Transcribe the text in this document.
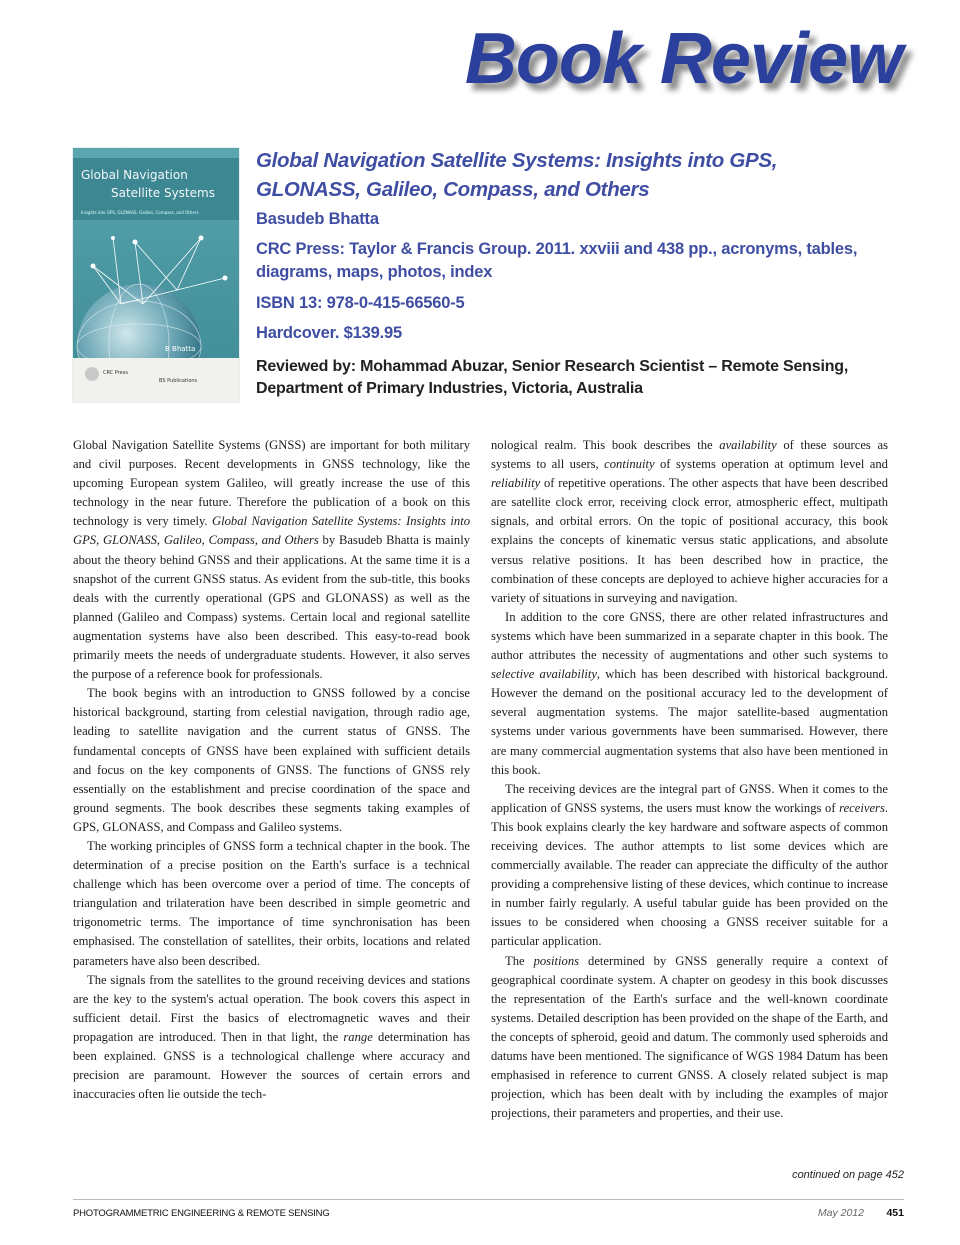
Book Review

Global Navigation
Satellite Systems

Insights into GPS, GLONASS, Galileo, Compass, and Others

B Bhatta

CRC Press

BS Publications

Global Navigation Satellite Systems: Insights into GPS, GLONASS, Galileo, Compass, and Others

Basudeb Bhatta

CRC Press: Taylor & Francis Group. 2011. xxviii and 438 pp., acronyms, tables, diagrams, maps, photos, index

ISBN 13: 978-0-415-66560-5

Hardcover. $139.95

Reviewed by: Mohammad Abuzar, Senior Research Scientist – Remote Sensing, Department of Primary Industries, Victoria, Australia

Global Navigation Satellite Systems (GNSS) are important for both military and civil purposes. Recent developments in GNSS technology, like the upcoming European system Galileo, will greatly increase the use of this technology in the near future. Therefore the publication of a book on this technology is very timely. Global Navigation Satellite Systems: Insights into GPS, GLONASS, Galileo, Compass, and Others by Basudeb Bhatta is mainly about the theory behind GNSS and their applications. At the same time it is a snapshot of the current GNSS status. As evident from the sub-title, this books deals with the currently operational (GPS and GLONASS) as well as the planned (Galileo and Compass) systems. Certain local and regional satellite augmentation systems have also been described. This easy-to-read book primarily meets the needs of undergraduate students. However, it also serves the purpose of a reference book for professionals.

The book begins with an introduction to GNSS followed by a concise historical background, starting from celestial navigation, through radio age, leading to satellite navigation and the current status of GNSS. The fundamental concepts of GNSS have been explained with sufficient details and focus on the key components of GNSS. The functions of GNSS rely essentially on the establishment and precise coordination of the space and ground segments. The book describes these segments taking examples of GPS, GLONASS, and Compass and Galileo systems.

The working principles of GNSS form a technical chapter in the book. The determination of a precise position on the Earth's surface is a technical challenge which has been overcome over a period of time. The concepts of triangulation and trilateration have been described in simple geometric and trigonometric terms. The importance of time synchronisation has been emphasised. The constellation of satellites, their orbits, locations and related parameters have also been described.

The signals from the satellites to the ground receiving devices and stations are the key to the system's actual operation. The book covers this aspect in sufficient detail. First the basics of electromagnetic waves and their propagation are introduced. Then in that light, the range determination has been explained. GNSS is a technological challenge where accuracy and precision are paramount. However the sources of certain errors and inaccuracies often lie outside the tech-

nological realm. This book describes the availability of these sources as systems to all users, continuity of systems operation at optimum level and reliability of repetitive operations. The other aspects that have been described are satellite clock error, receiving clock error, atmospheric effect, multipath signals, and orbital errors. On the topic of positional accuracy, this book explains the concepts of kinematic versus static applications, and absolute versus relative positions. It has been described how in practice, the combination of these concepts are deployed to achieve higher accuracies for a variety of situations in surveying and navigation.

In addition to the core GNSS, there are other related infrastructures and systems which have been summarized in a separate chapter in this book. The author attributes the necessity of augmentations and other such systems to selective availability, which has been described with historical background. However the demand on the positional accuracy led to the development of several augmentation systems. The major satellite-based augmentation systems under various governments have been summarised. However, there are many commercial augmentation systems that also have been mentioned in this book.

The receiving devices are the integral part of GNSS. When it comes to the application of GNSS systems, the users must know the workings of receivers. This book explains clearly the key hardware and software aspects of common receiving devices. The author attempts to list some devices which are commercially available. The reader can appreciate the difficulty of the author providing a comprehensive listing of these devices, which continue to increase in number fairly regularly. A useful tabular guide has been provided on the issues to be considered when choosing a GNSS receiver suitable for a particular application.

The positions determined by GNSS generally require a context of geographical coordinate system. A chapter on geodesy in this book discusses the representation of the Earth's surface and the well-known coordinate systems. Detailed description has been provided on the shape of the Earth, and the concepts of spheroid, geoid and datum. The commonly used spheroids and datums have been mentioned. The significance of WGS 1984 Datum has been emphasised in reference to current GNSS. A closely related subject is map projection, which has been dealt with by including the examples of major projections, their parameters and properties, and their use.

continued on page 452

PHOTOGRAMMETRIC ENGINEERING & REMOTE SENSING	May 2012 451
